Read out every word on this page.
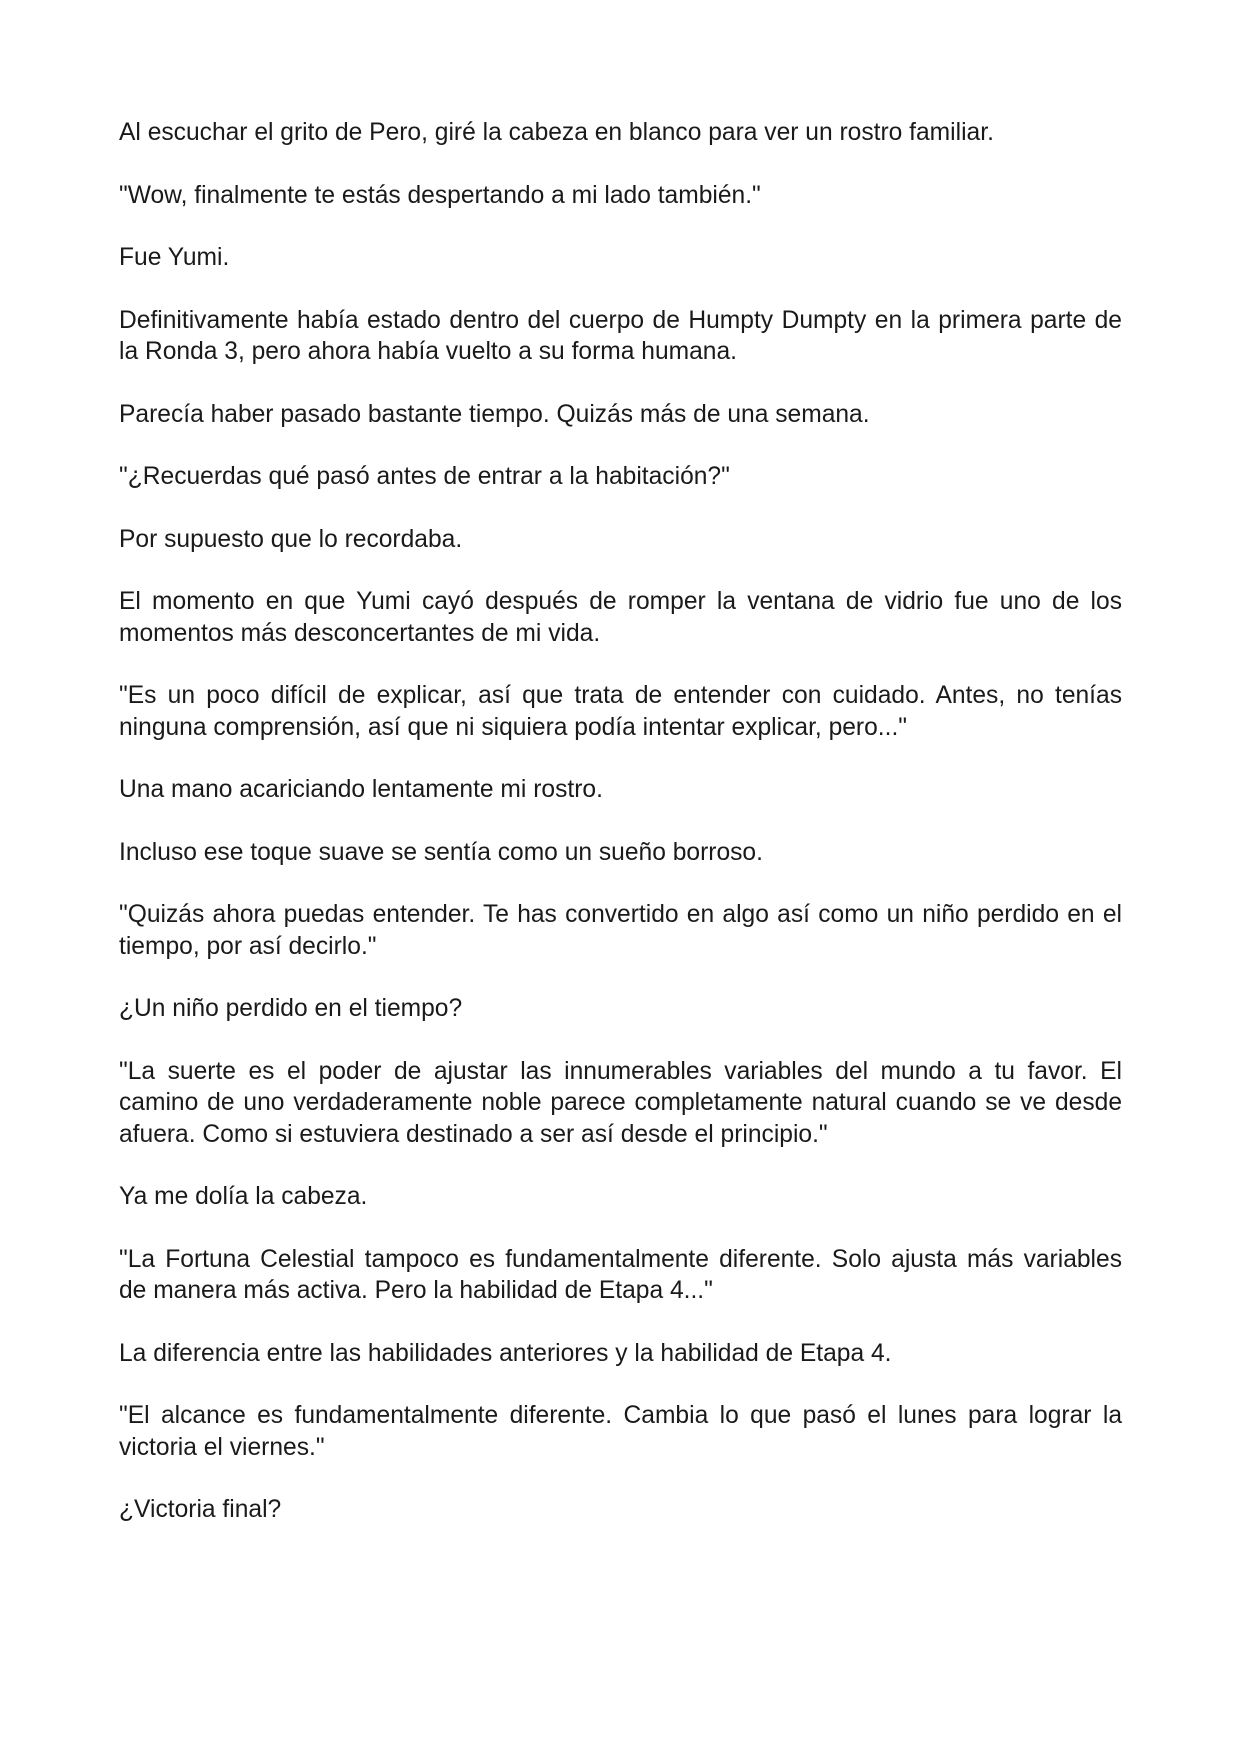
Al escuchar el grito de Pero, giré la cabeza en blanco para ver un rostro familiar.

"Wow, finalmente te estás despertando a mi lado también."

Fue Yumi.

Definitivamente había estado dentro del cuerpo de Humpty Dumpty en la primera parte de la Ronda 3, pero ahora había vuelto a su forma humana.

Parecía haber pasado bastante tiempo. Quizás más de una semana.

"¿Recuerdas qué pasó antes de entrar a la habitación?"

Por supuesto que lo recordaba.

El momento en que Yumi cayó después de romper la ventana de vidrio fue uno de los momentos más desconcertantes de mi vida.

"Es un poco difícil de explicar, así que trata de entender con cuidado. Antes, no tenías ninguna comprensión, así que ni siquiera podía intentar explicar, pero..."

Una mano acariciando lentamente mi rostro.

Incluso ese toque suave se sentía como un sueño borroso.

"Quizás ahora puedas entender. Te has convertido en algo así como un niño perdido en el tiempo, por así decirlo."

¿Un niño perdido en el tiempo?

"La suerte es el poder de ajustar las innumerables variables del mundo a tu favor. El camino de uno verdaderamente noble parece completamente natural cuando se ve desde afuera. Como si estuviera destinado a ser así desde el principio."

Ya me dolía la cabeza.

"La Fortuna Celestial tampoco es fundamentalmente diferente. Solo ajusta más variables de manera más activa. Pero la habilidad de Etapa 4..."

La diferencia entre las habilidades anteriores y la habilidad de Etapa 4.

"El alcance es fundamentalmente diferente. Cambia lo que pasó el lunes para lograr la victoria el viernes."

¿Victoria final?
